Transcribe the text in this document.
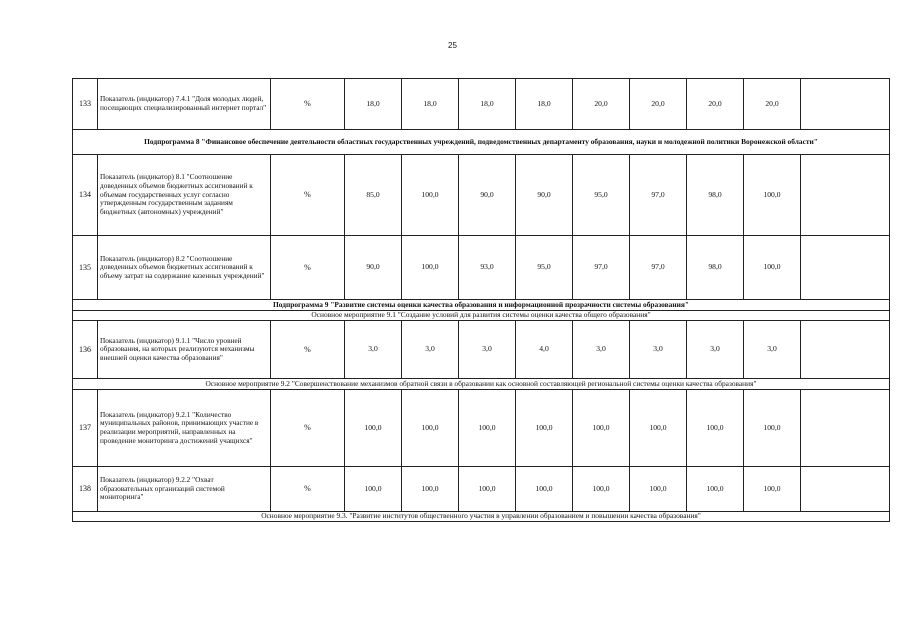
25
133	Показатель (индикатор) 7.4.1 "Доля молодых людей, посещающих специализированный интернет портал"	%	18,0	18,0	18,0	18,0	20,0	20,0	20,0	20,0	
Подпрограмма 8 "Финансовое обеспечение деятельности областных государственных учреждений, подведомственных департаменту образования, науки и молодежной политики Воронежской области"											
134	Показатель (индикатор) 8.1 "Соотношение доведенных объемов бюджетных ассигнований к объемам государственных услуг согласно утвержденным государственным заданиям бюджетных (автономных) учреждений"	%	85,0	100,0	90,0	90,0	95,0	97,0	98,0	100,0	
135	Показатель (индикатор) 8.2 "Соотношение доведенных объемов бюджетных ассигнований к объему затрат на содержание казенных учреждений"	%	90,0	100,0	93,0	95,0	97,0	97,0	98,0	100,0	
Подпрограмма 9 "Развитие системы оценки качества образования и информационной прозрачности системы образования"											
Основное мероприятие 9.1 "Создание условий для развития системы оценки качества общего образования"											
136	Показатель (индикатор) 9.1.1 "Число уровней образования, на которых реализуются механизмы внешней оценки качества образования"	%	3,0	3,0	3,0	4,0	3,0	3,0	3,0	3,0	
Основное мероприятие 9.2 "Совершенствование механизмов обратной связи в образовании как основной составляющей региональной системы оценки качества образования"											
137	Показатель (индикатор) 9.2.1 "Количество муниципальных районов, принимающих участие в реализации мероприятий, направленных на проведение мониторинга достижений учащихся"	%	100,0	100,0	100,0	100,0	100,0	100,0	100,0	100,0	
138	Показатель (индикатор) 9.2.2 "Охват образовательных организаций системой мониторинга"	%	100,0	100,0	100,0	100,0	100,0	100,0	100,0	100,0	
Основное мероприятие 9.3. "Развитие институтов общественного участия в управлении образованием и повышении качества образования"											
